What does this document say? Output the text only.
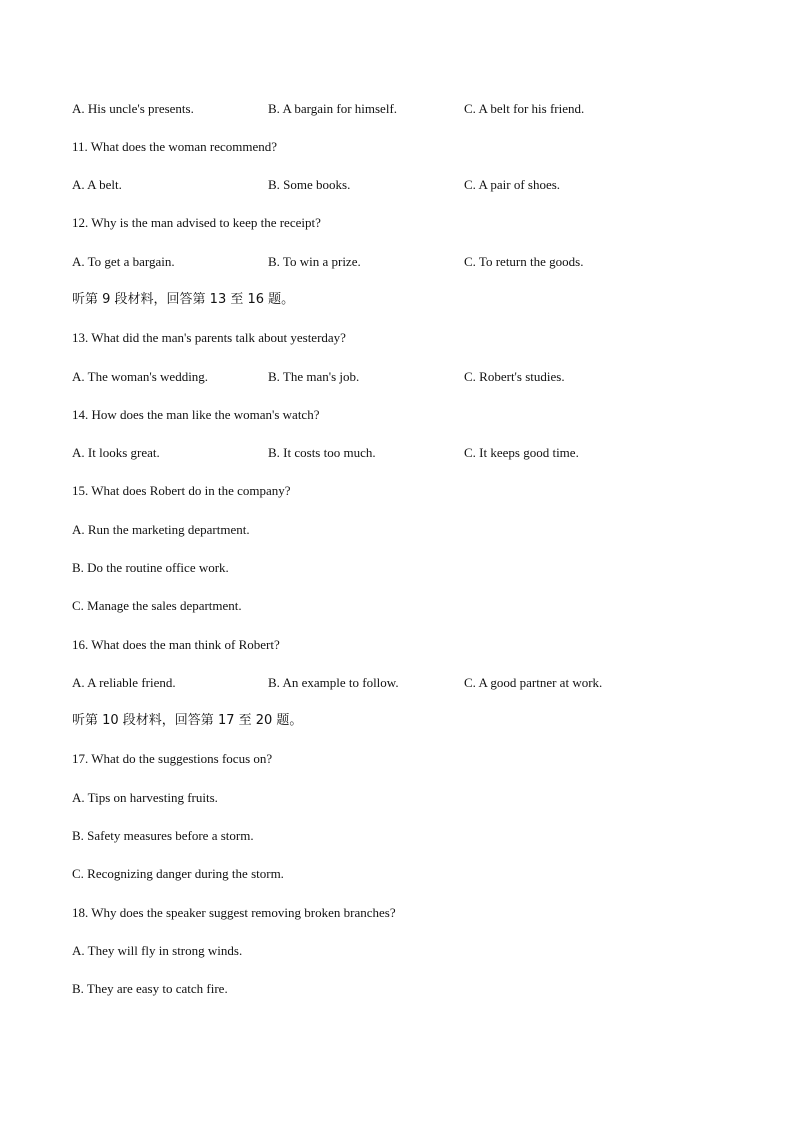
A. His uncle's presents.	B. A bargain for himself.	C. A belt for his friend.
11. What does the woman recommend?
A. A belt.	B. Some books.	C. A pair of shoes.
12. Why is the man advised to keep the receipt?
A. To get a bargain.	B. To win a prize.	C. To return the goods.
听第 9 段材料，回答第 13 至 16 题。
13. What did the man's parents talk about yesterday?
A. The woman's wedding.	B. The man's job.	C. Robert's studies.
14. How does the man like the woman's watch?
A. It looks great.	B. It costs too much.	C. It keeps good time.
15. What does Robert do in the company?
A. Run the marketing department.
B. Do the routine office work.
C. Manage the sales department.
16. What does the man think of Robert?
A. A reliable friend.	B. An example to follow.	C. A good partner at work.
听第 10 段材料，回答第 17 至 20 题。
17. What do the suggestions focus on?
A. Tips on harvesting fruits.
B. Safety measures before a storm.
C. Recognizing danger during the storm.
18. Why does the speaker suggest removing broken branches?
A. They will fly in strong winds.
B. They are easy to catch fire.
